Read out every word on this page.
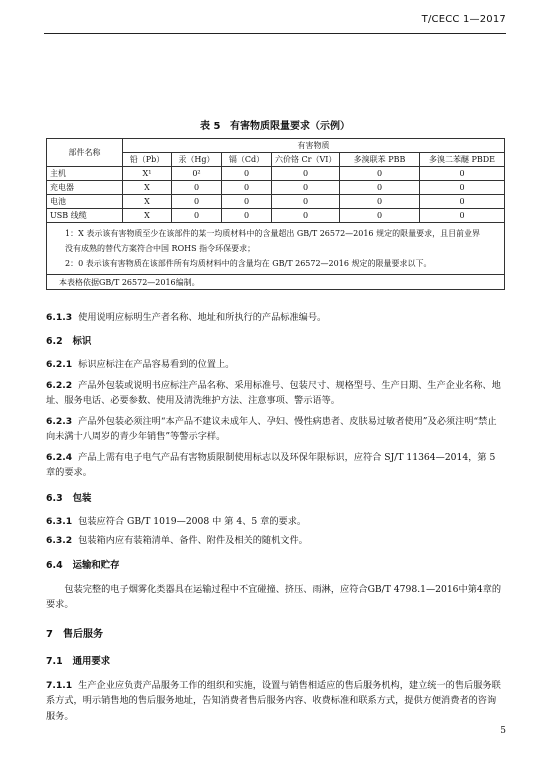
T/CECC 1—2017
表 5 有害物质限量要求（示例）
部件名称	有害物质					
	铅（Pb）	汞（Hg）	镉（Cd）	六价铬 Cr（VI）	多溴联苯 PBB	多溴二苯醚 PBDE
主机	X¹	0²	0	0	0	0
充电器	X	0	0	0	0	0
电池	X	0	0	0	0	0
USB 线缆	X	0	0	0	0	0

1：X 表示该有害物质至少在该部件的某一均质材料中的含量超出 GB/T 26572—2016 规定的限量要求，且目前业界
没有成熟的替代方案符合中国 ROHS 指令环保要求；
2：0 表示该有害物质在该部件所有均质材料中的含量均在 GB/T 26572—2016 规定的限量要求以下。						

本表格依据GB/T 26572—2016编制。						

6.1.3 使用说明应标明生产者名称、地址和所执行的产品标准编号。

6.2 标识

6.2.1 标识应标注在产品容易看到的位置上。

6.2.2 产品外包装或说明书应标注产品名称、采用标准号、包装尺寸、规格型号、生产日期、生产企业名称、地址、服务电话、必要参数、使用及清洗维护方法、注意事项、警示语等。

6.2.3 产品外包装必须注明“本产品不建议未成年人、孕妇、慢性病患者、皮肤易过敏者使用”及必须注明“禁止向未满十八周岁的青少年销售”等警示字样。

6.2.4 产品上需有电子电气产品有害物质限制使用标志以及环保年限标识，应符合 SJ/T 11364—2014，第 5 章的要求。

6.3 包装

6.3.1 包装应符合 GB/T 1019—2008 中 第 4、5 章的要求。

6.3.2 包装箱内应有装箱清单、备件、附件及相关的随机文件。

6.4 运输和贮存

包装完整的电子烟雾化类器具在运输过程中不宜碰撞、挤压、雨淋，应符合GB/T 4798.1—2016中第4章的要求。

7 售后服务

7.1 通用要求

7.1.1 生产企业应负责产品服务工作的组织和实施，设置与销售相适应的售后服务机构，建立统一的售后服务联系方式，明示销售地的售后服务地址，告知消费者售后服务内容、收费标准和联系方式，提供方便消费者的咨询服务。

5
